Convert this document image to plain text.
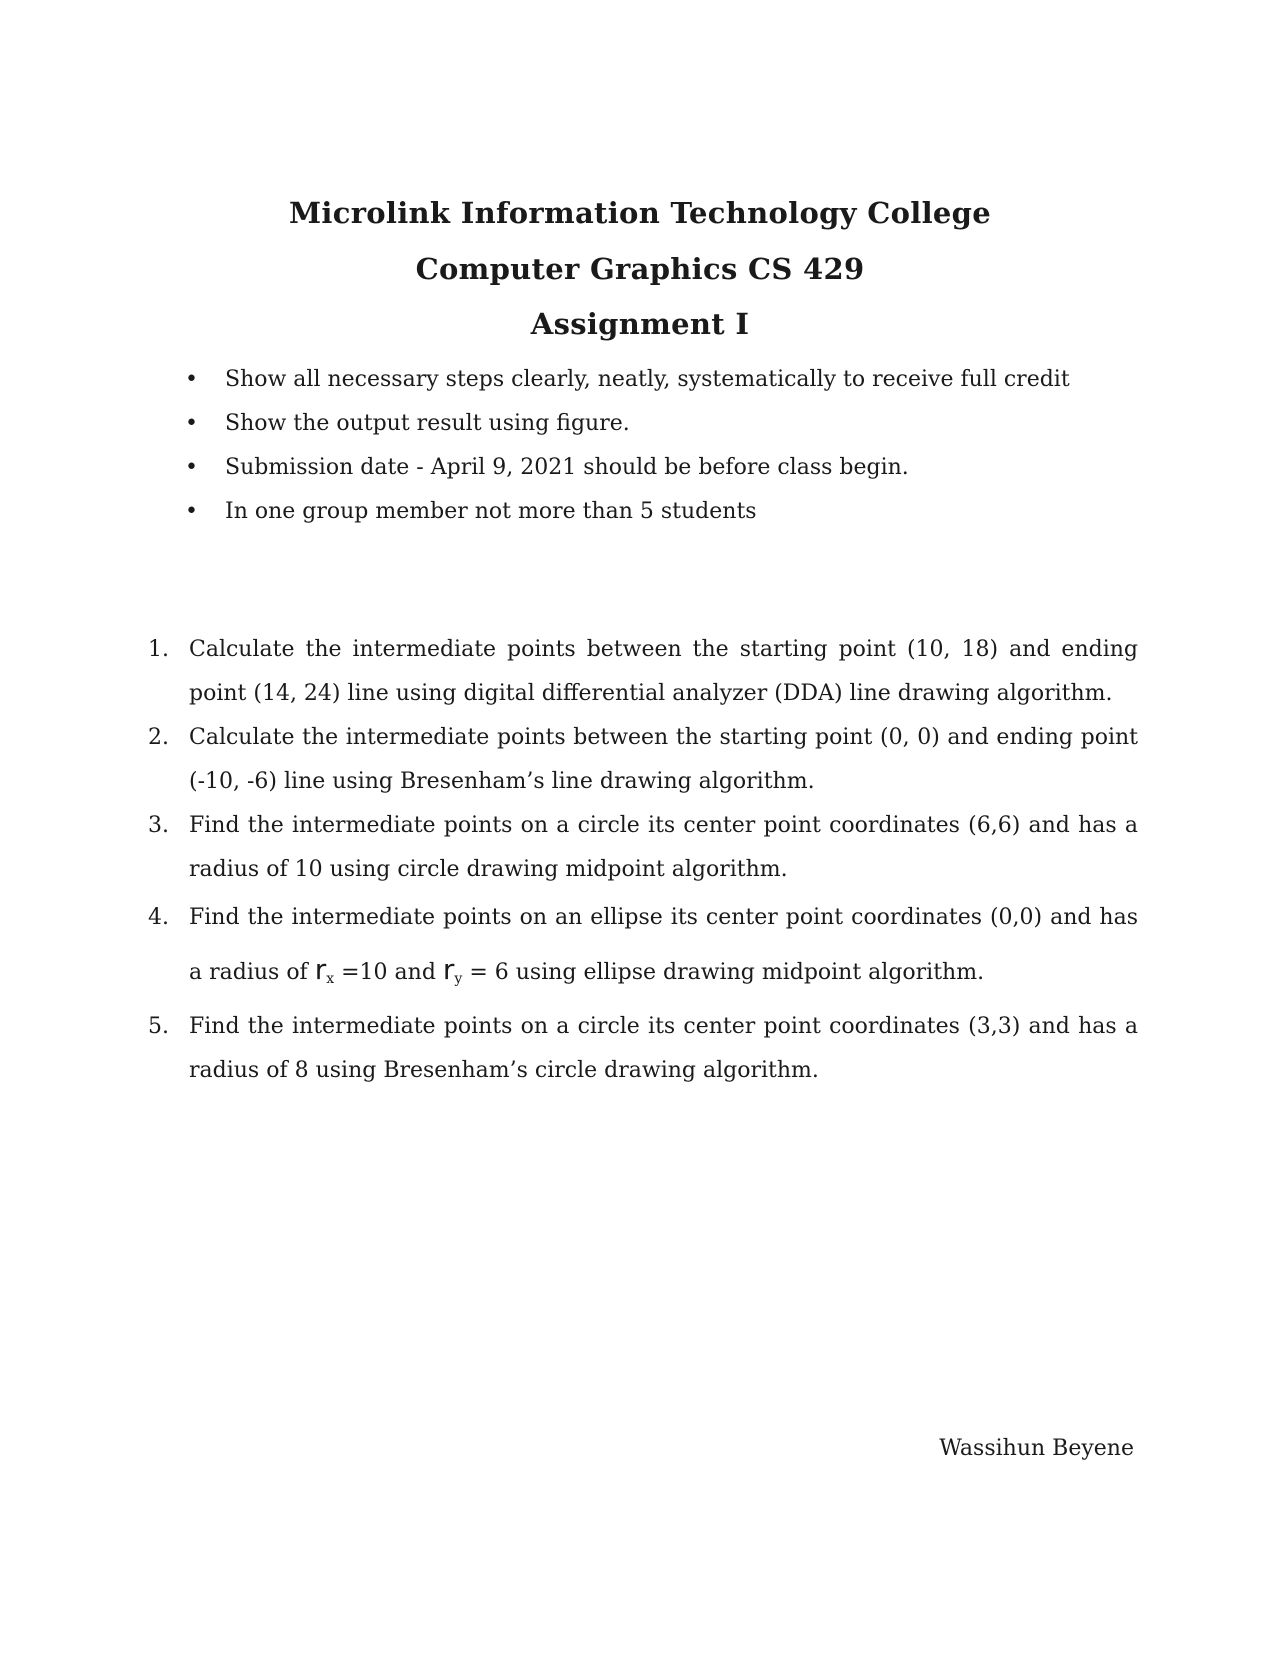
Microlink Information Technology College
Computer Graphics CS 429
Assignment I
• Show all necessary steps clearly, neatly, systematically to receive full credit
• Show the output result using figure.
• Submission date - April 9, 2021 should be before class begin.
• In one group member not more than 5 students
1. Calculate the intermediate points between the starting point (10, 18) and ending point (14, 24) line using digital differential analyzer (DDA) line drawing algorithm.
2. Calculate the intermediate points between the starting point (0, 0) and ending point (-10, -6) line using Bresenham’s line drawing algorithm.
3. Find the intermediate points on a circle its center point coordinates (6,6) and has a radius of 10 using circle drawing midpoint algorithm.
4. Find the intermediate points on an ellipse its center point coordinates (0,0) and has a radius of $r_x =10$ and $r_y = 6$ using ellipse drawing midpoint algorithm.
5. Find the intermediate points on a circle its center point coordinates (3,3) and has a radius of 8 using Bresenham’s circle drawing algorithm.
Wassihun Beyene
